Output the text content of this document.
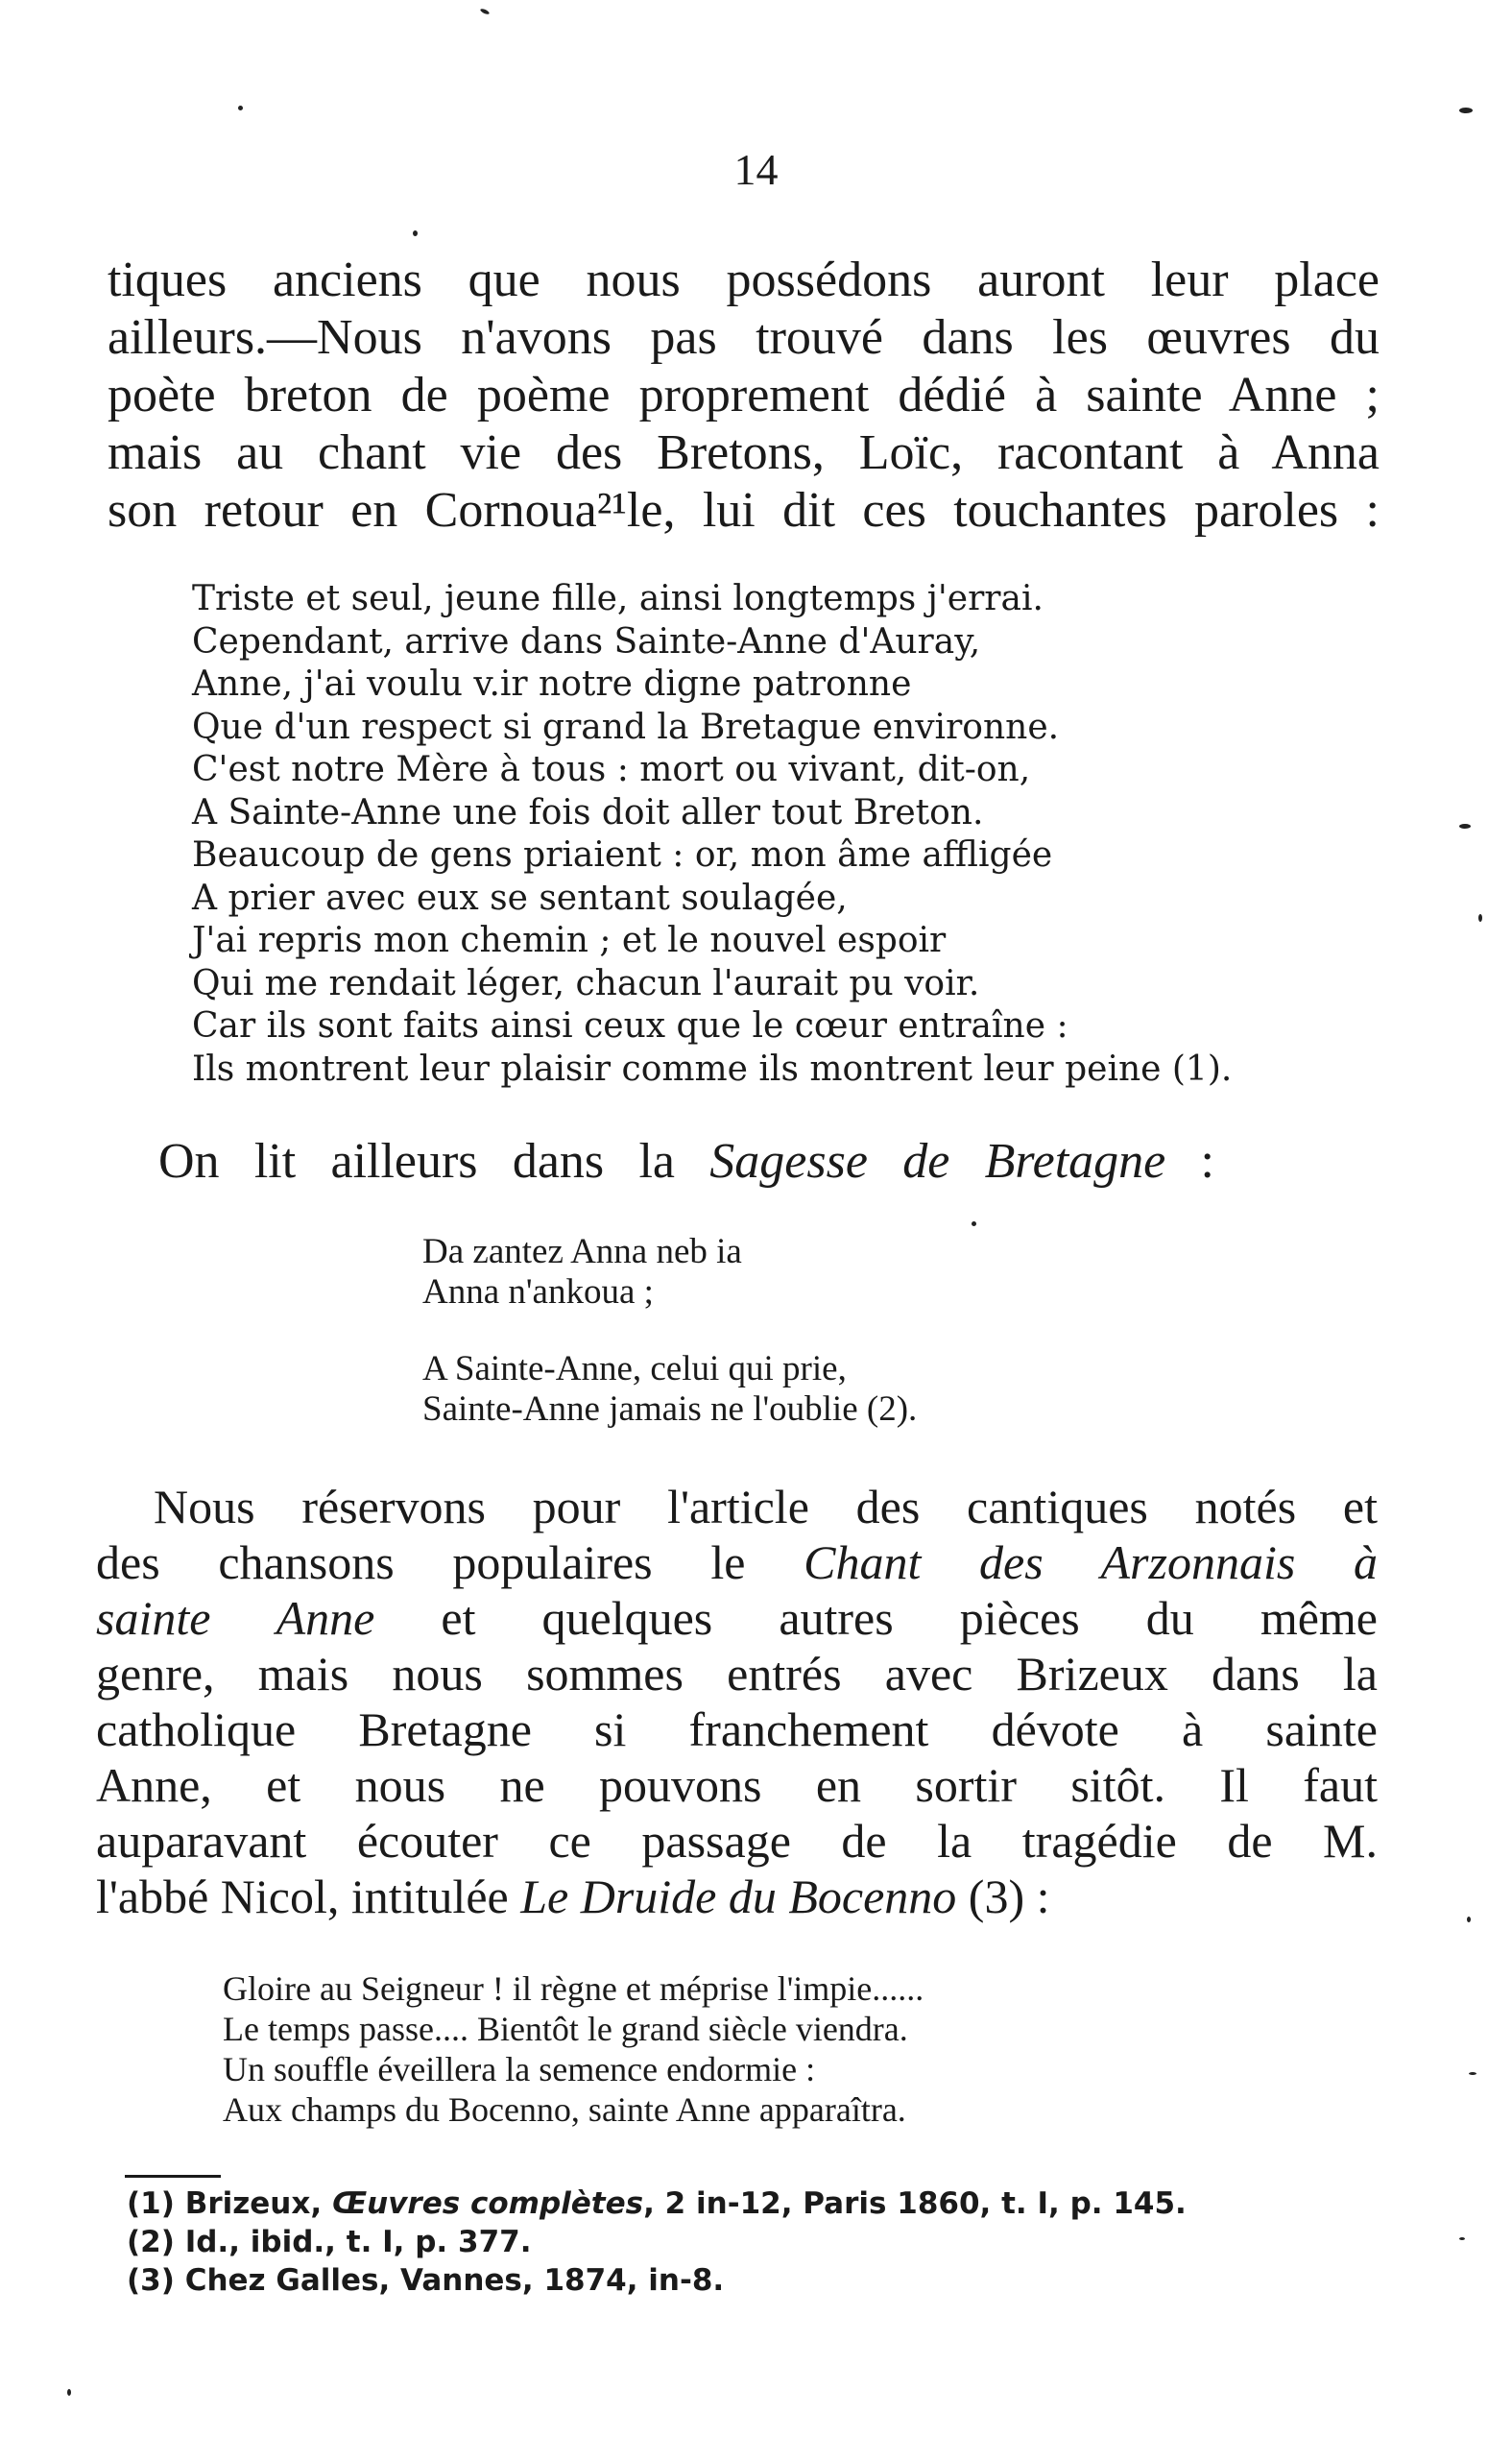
14
tiques anciens que nous possédons auront leur place
ailleurs.—Nous n'avons pas trouvé dans les œuvres du
poète breton de poème proprement dédié à sainte Anne ;
mais au chant vie des Bretons, Loïc, racontant à Anna
son retour en Cornoua²¹le, lui dit ces touchantes paroles :
Triste et seul, jeune fille, ainsi longtemps j'errai.
Cependant, arrive dans Sainte-Anne d'Auray,
Anne, j'ai voulu v.ir notre digne patronne
Que d'un respect si grand la Bretague environne.
C'est notre Mère à tous : mort ou vivant, dit-on,
A Sainte-Anne une fois doit aller tout Breton.
Beaucoup de gens priaient : or, mon âme affligée
A prier avec eux se sentant soulagée,
J'ai repris mon chemin ; et le nouvel espoir
Qui me rendait léger, chacun l'aurait pu voir.
Car ils sont faits ainsi ceux que le cœur entraîne :
Ils montrent leur plaisir comme ils montrent leur peine (1).
On lit ailleurs dans la Sagesse de Bretagne :
Da zantez Anna neb ia
Anna n'ankoua ;
A Sainte-Anne, celui qui prie,
Sainte-Anne jamais ne l'oublie (2).
Nous réservons pour l'article des cantiques notés et
des chansons populaires le Chant des Arzonnais à
sainte Anne et quelques autres pièces du même
genre, mais nous sommes entrés avec Brizeux dans la
catholique Bretagne si franchement dévote à sainte
Anne, et nous ne pouvons en sortir sitôt. Il faut
auparavant écouter ce passage de la tragédie de M.
l'abbé Nicol, intitulée Le Druide du Bocenno (3) :
Gloire au Seigneur ! il règne et méprise l'impie......
Le temps passe.... Bientôt le grand siècle viendra.
Un souffle éveillera la semence endormie :
Aux champs du Bocenno, sainte Anne apparaîtra.
(1) Brizeux, Œuvres complètes, 2 in-12, Paris 1860, t. I, p. 145.
(2) Id., ibid., t. I, p. 377.
(3) Chez Galles, Vannes, 1874, in-8.
